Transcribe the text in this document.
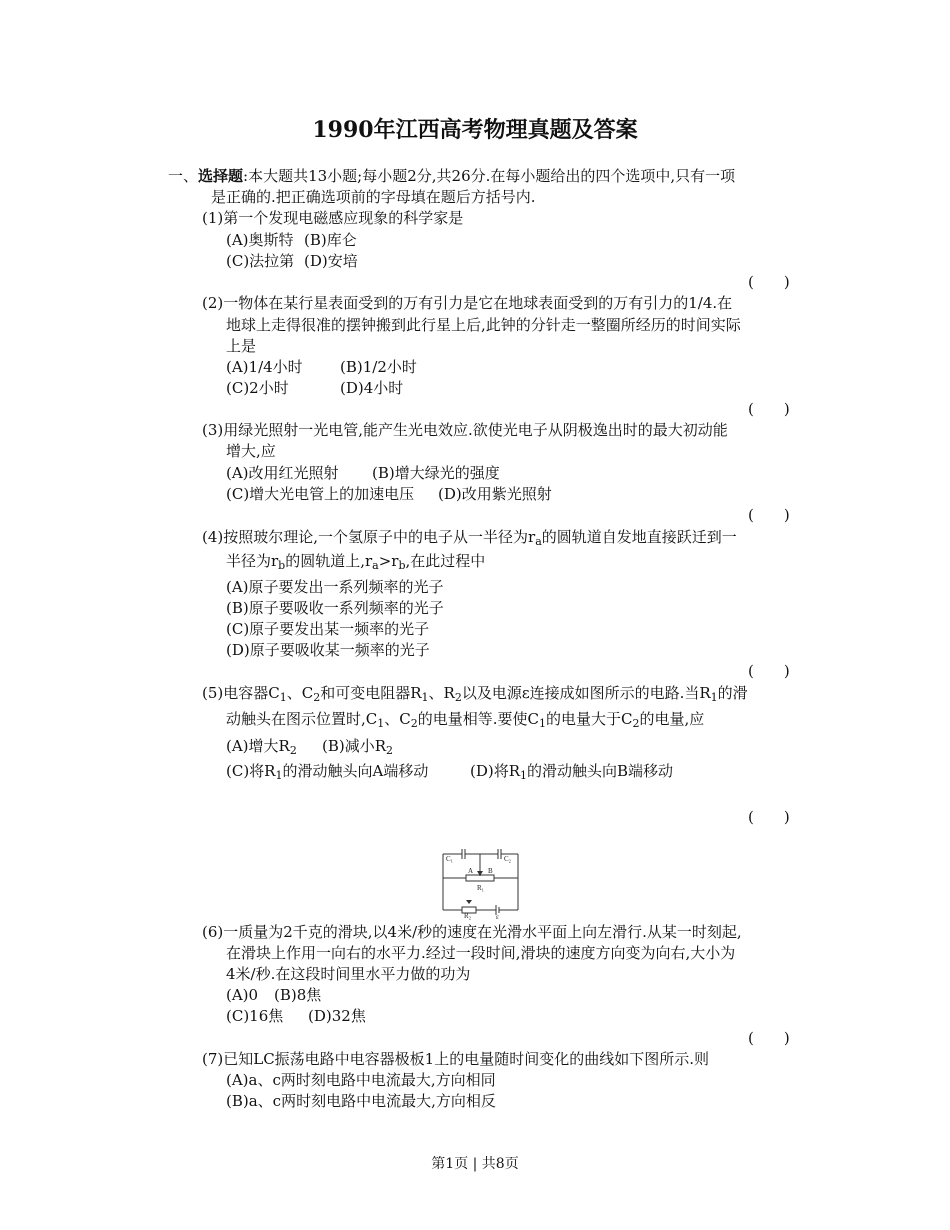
1990年江西高考物理真题及答案
一、选择题:本大题共13小题;每小题2分,共26分.在每小题给出的四个选项中,只有一项
是正确的.把正确选项前的字母填在题后方括号内.
(1)第一个发现电磁感应现象的科学家是
(A)奥斯特 (B)库仑
(C)法拉第 (D)安培
(　　)
(2)一物体在某行星表面受到的万有引力是它在地球表面受到的万有引力的1/4.在
地球上走得很准的摆钟搬到此行星上后,此钟的分针走一整圈所经历的时间实际
上是
(A)1/4小时 (B)1/2小时
(C)2小时	(D)4小时
(　　)
(3)用绿光照射一光电管,能产生光电效应.欲使光电子从阴极逸出时的最大初动能
增大,应
(A)改用红光照射 (B)增大绿光的强度
(C)增大光电管上的加速电压 (D)改用紫光照射
(　　)
(4)按照玻尔理论,一个氢原子中的电子从一半径为$r_a$的圆轨道自发地直接跃迁到一
半径为$r_b$的圆轨道上$,r_a>r_b$,在此过程中
(A)原子要发出一系列频率的光子
(B)原子要吸收一系列频率的光子
(C)原子要发出某一频率的光子
(D)原子要吸收某一频率的光子
(　　)
(5)电容器$C_1$、$C_2$和可变电阻器$R_1$、$R_2$以及电源ε连接成如图所示的电路.当$R_1$的滑
动触头在图示位置时$,C_1$、$C_2$的电量相等.要使$C_1$的电量大于$C_2$的电量,应
(A)增大$R_2$ (B)减小$R_2$
(C)将$R_1$的滑动触头向A端移动	(D)将$R_1$的滑动触头向B端移动
(　　)
C₁	C₂
A B
R₁
R₂	ε
(6)一质量为2千克的滑块,以4米/秒的速度在光滑水平面上向左滑行.从某一时刻起,
在滑块上作用一向右的水平力.经过一段时间,滑块的速度方向变为向右,大小为
4米/秒.在这段时间里水平力做的功为
(A)0 (B)8焦
(C)16焦 (D)32焦
(　　)
(7)已知LC振荡电路中电容器极板1上的电量随时间变化的曲线如下图所示.则
(A)a、c两时刻电路中电流最大,方向相同
(B)a、c两时刻电路中电流最大,方向相反
第1页 | 共8页
